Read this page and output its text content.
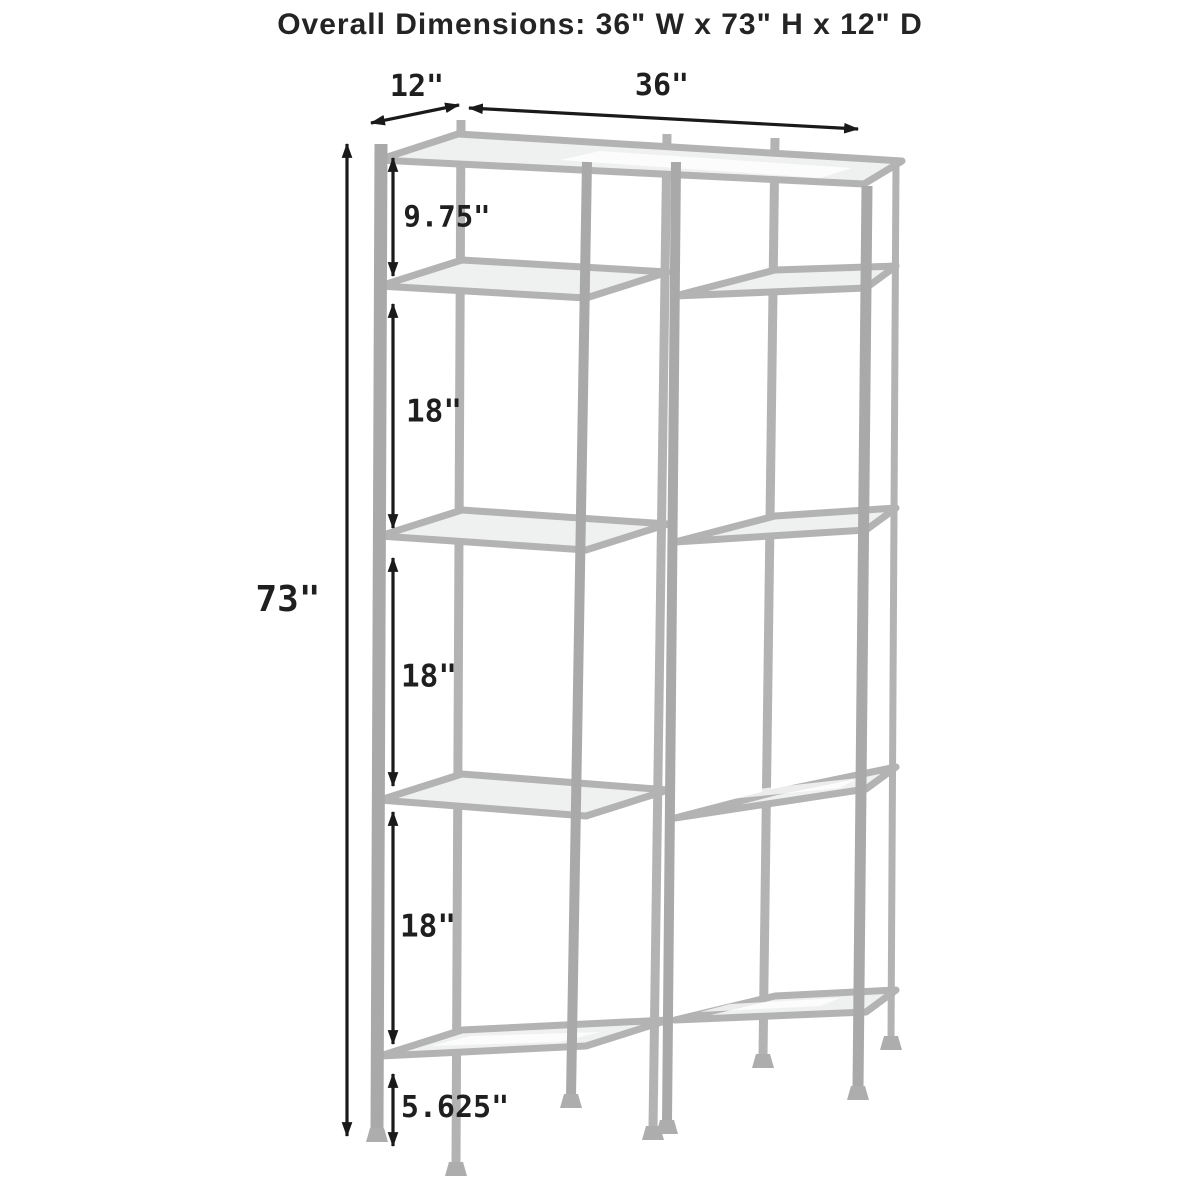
Overall Dimensions: 36" W x 73" H x 12" D
12"	36"
73"
9.75"
18"
18"
18"
5.625"
